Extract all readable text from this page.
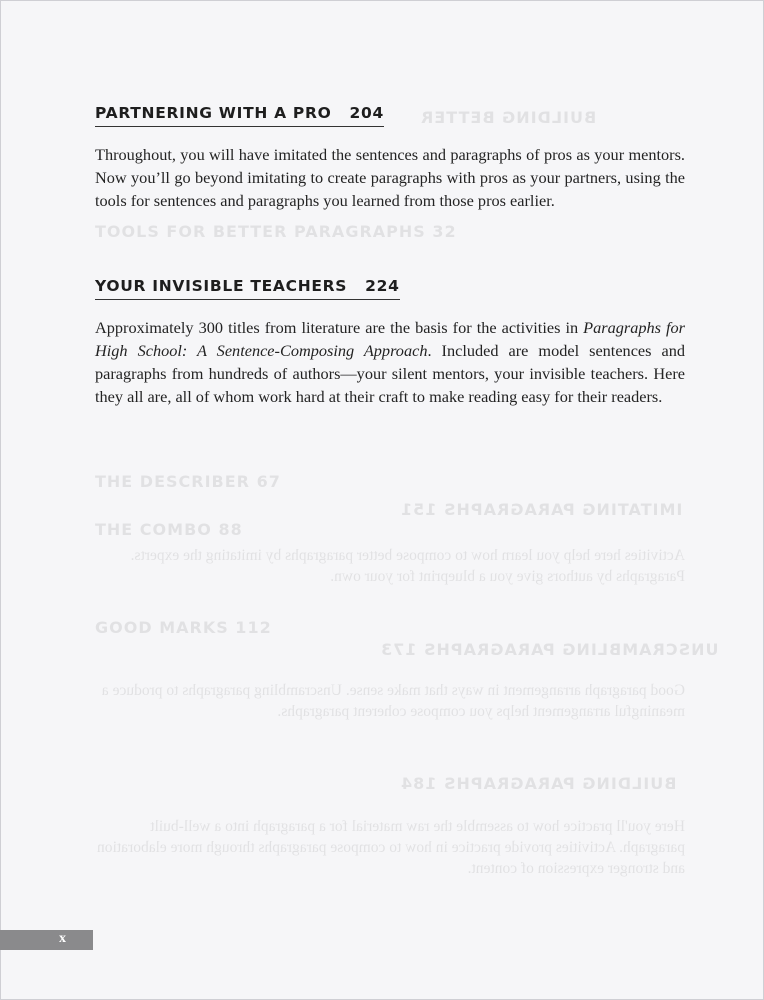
BUILDING BETTER
TOOLS FOR BETTER PARAGRAPHS 32
THE DESCRIBER 67
THE COMBO 88
GOOD MARKS 112
IMITATING PARAGRAPHS 151
UNSCRAMBLING PARAGRAPHS 173
BUILDING PARAGRAPHS 184
Activities here help you learn how to compose better paragraphs by imitating the experts. Paragraphs by authors give you a blueprint for your own.
Good paragraph arrangement in ways that make sense. Unscrambling paragraphs to produce a meaningful arrangement helps you compose coherent paragraphs.
Here you'll practice how to assemble the raw material for a paragraph into a well-built paragraph. Activities provide practice in how to compose paragraphs through more elaboration and stronger expression of content.
PARTNERING WITH A PRO 204

Throughout, you will have imitated the sentences and paragraphs of pros as your mentors. Now you’ll go beyond imitating to create paragraphs with pros as your partners, using the tools for sentences and paragraphs you learned from those pros earlier.

YOUR INVISIBLE TEACHERS 224

Approximately 300 titles from literature are the basis for the activities in Paragraphs for High School: A Sentence-Composing Approach. Included are model sentences and paragraphs from hundreds of authors—your silent mentors, your invisible teachers. Here they all are, all of whom work hard at their craft to make reading easy for their readers.

x
